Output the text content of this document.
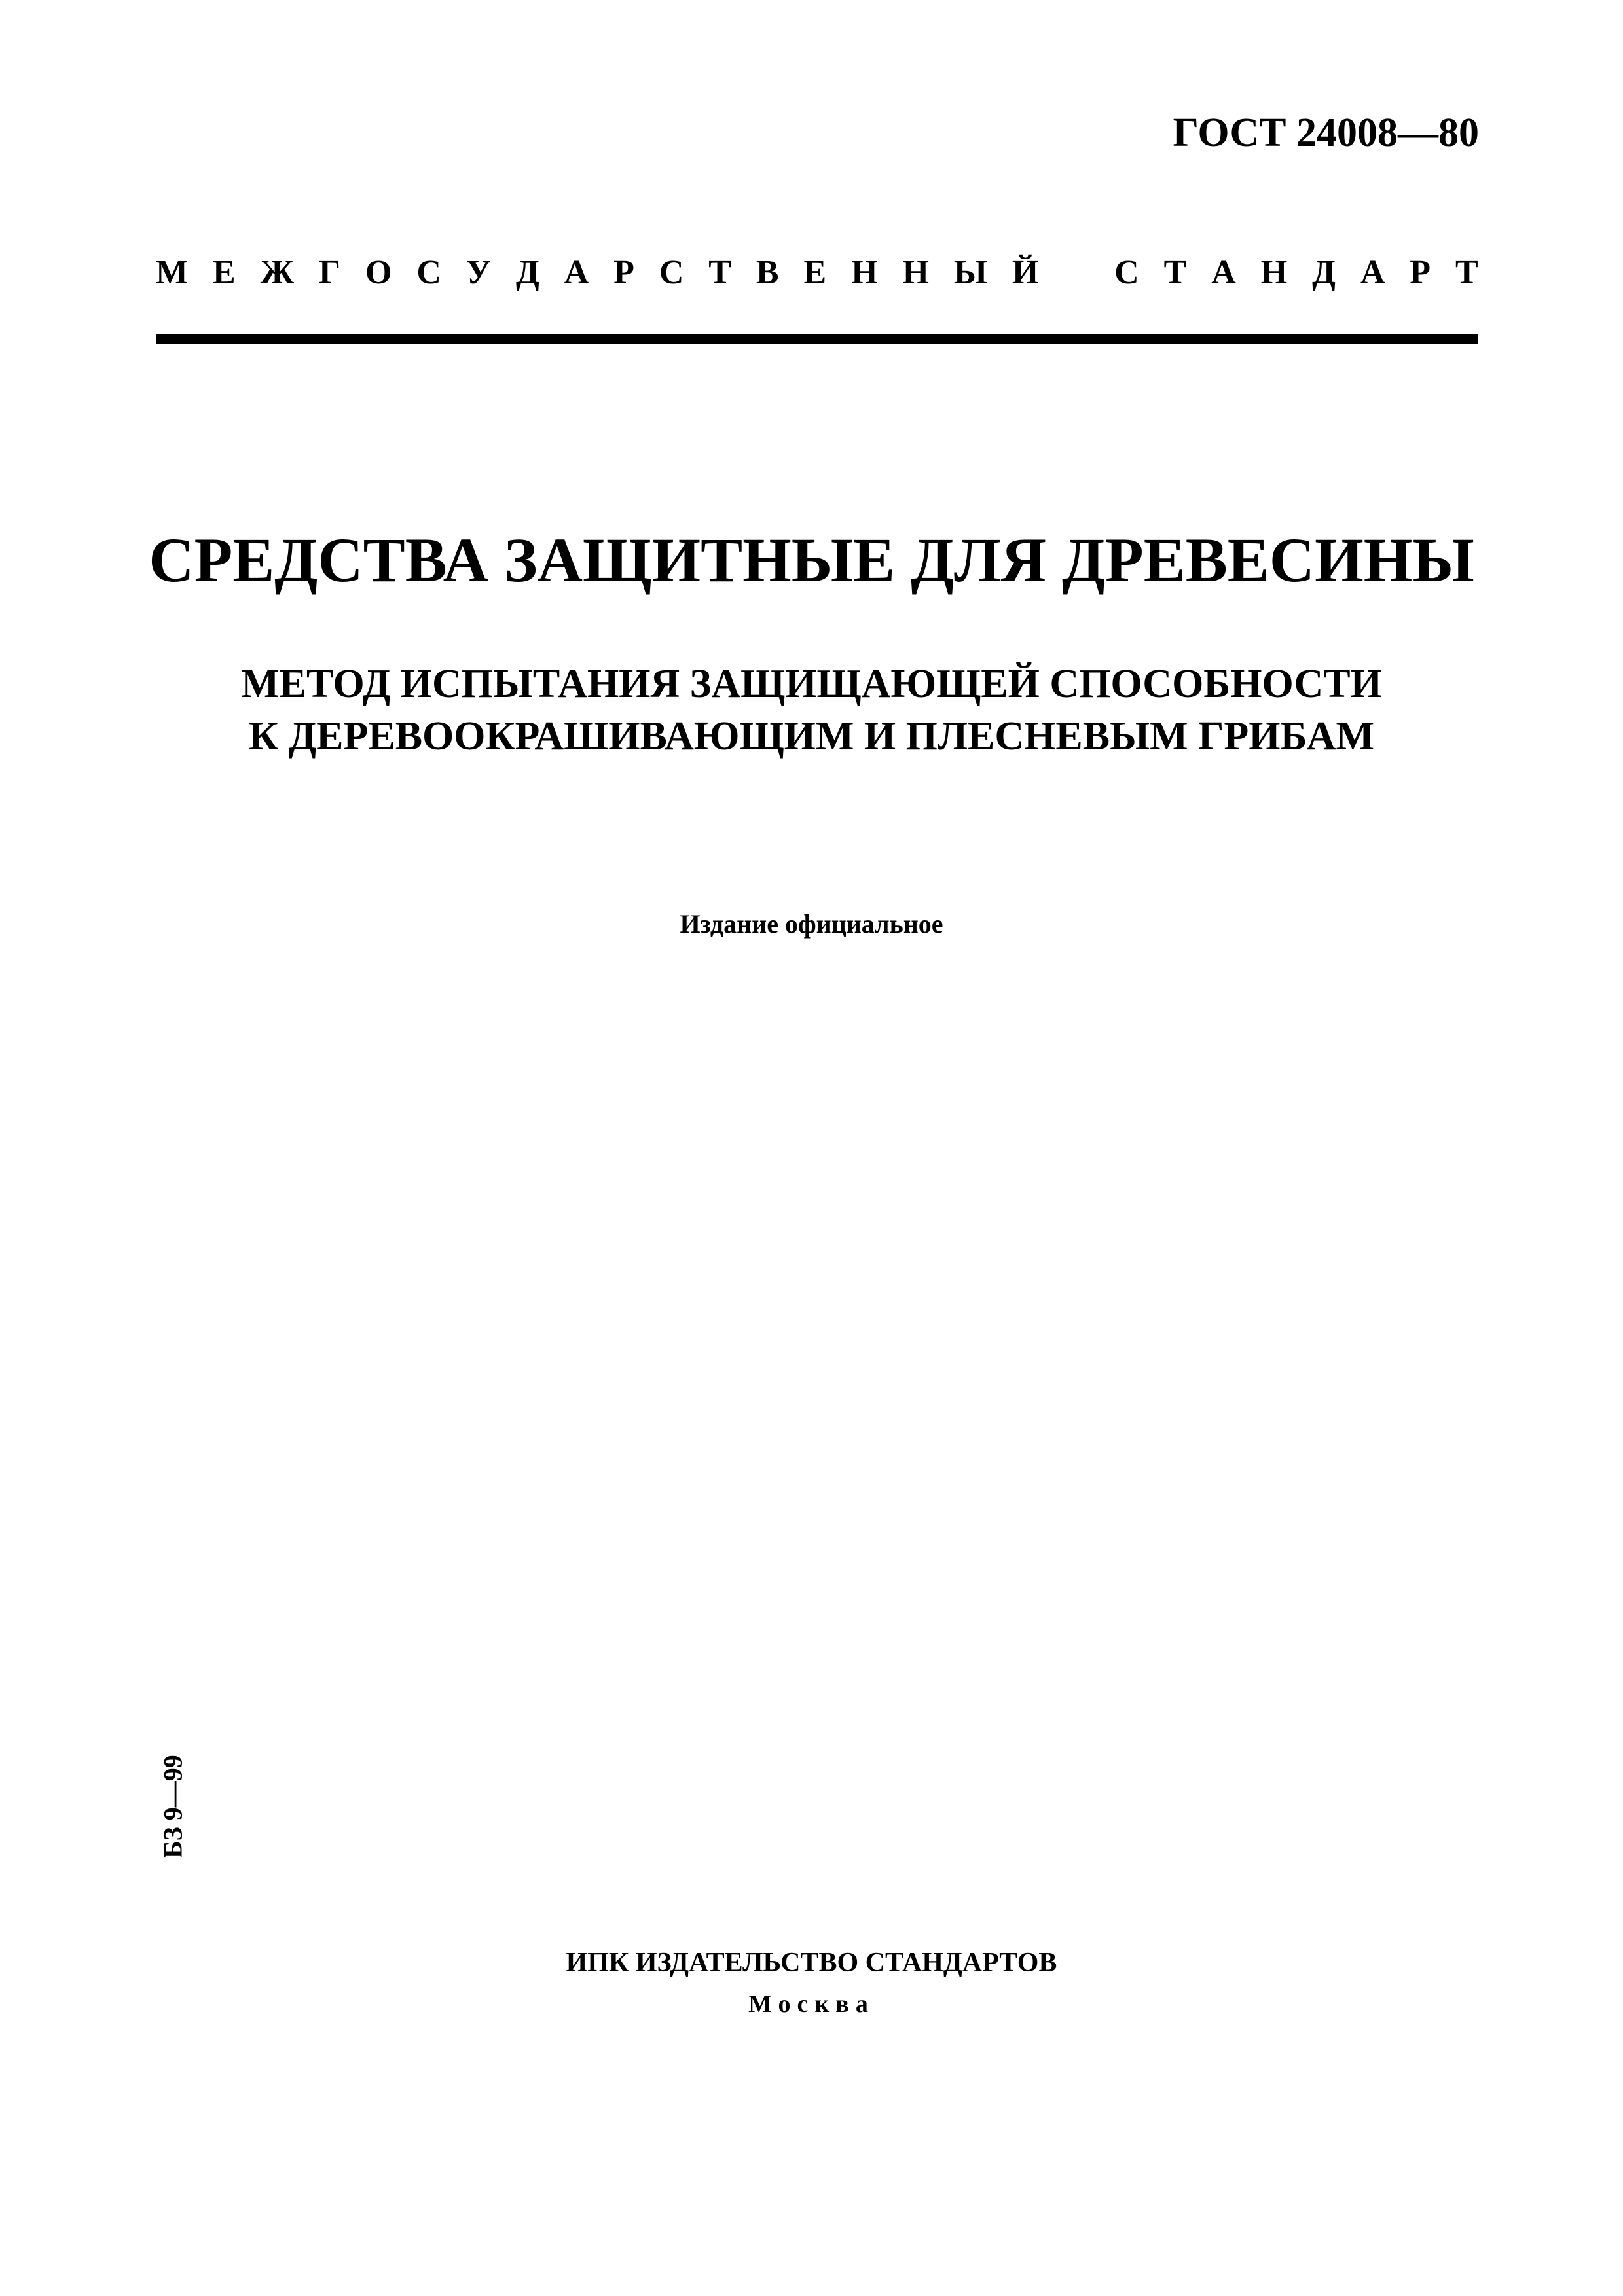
ГОСТ 24008—80
М Е Ж Г О С У Д А Р С Т В Е Н Н Ы Й С Т А Н Д А Р Т
СРЕДСТВА ЗАЩИТНЫЕ ДЛЯ ДРЕВЕСИНЫ
МЕТОД ИСПЫТАНИЯ ЗАЩИЩАЮЩЕЙ СПОСОБНОСТИ
К ДЕРЕВООКРАШИВАЮЩИМ И ПЛЕСНЕВЫМ ГРИБАМ
Издание официальное
БЗ 9—99
ИПК ИЗДАТЕЛЬСТВО СТАНДАРТОВ
Москва
